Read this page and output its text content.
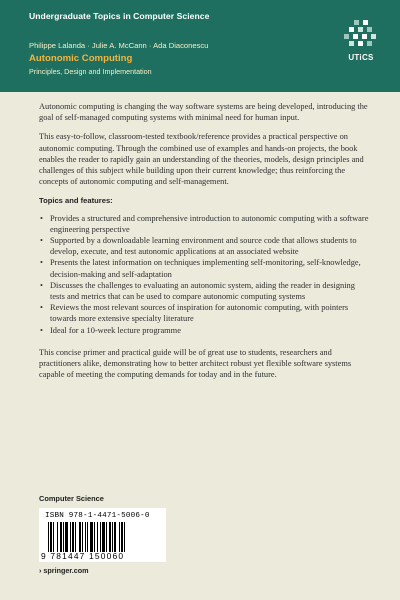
Undergraduate Topics in Computer Science
Philippe Lalanda · Julie A. McCann · Ada Diaconescu
Autonomic Computing
Principles, Design and Implementation
UTiCS

Autonomic computing is changing the way software systems are being developed, introducing the goal of self-managed computing systems with minimal need for human input.

This easy-to-follow, classroom-tested textbook/reference provides a practical perspective on autonomic computing. Through the combined use of examples and hands-on projects, the book enables the reader to rapidly gain an understanding of the theories, models, design principles and challenges of this subject while building upon their current knowledge; thus reinforcing the concepts of autonomic computing and self-management.

Topics and features:
• Provides a structured and comprehensive introduction to autonomic computing with a software engineering perspective
• Supported by a downloadable learning environment and source code that allows students to develop, execute, and test autonomic applications at an associated website
• Presents the latest information on techniques implementing self-monitoring, self-knowledge, decision-making and self-adaptation
• Discusses the challenges to evaluating an autonomic system, aiding the reader in designing tests and metrics that can be used to compare autonomic computing systems
• Reviews the most relevant sources of inspiration for autonomic computing, with pointers towards more extensive specialty literature
• Ideal for a 10-week lecture programme

This concise primer and practical guide will be of great use to students, researchers and practitioners alike, demonstrating how to better architect robust yet flexible software systems capable of meeting the computing demands for today and in the future.

Computer Science
ISBN 978-1-4471-5006-0
9 781447 150060
› springer.com
